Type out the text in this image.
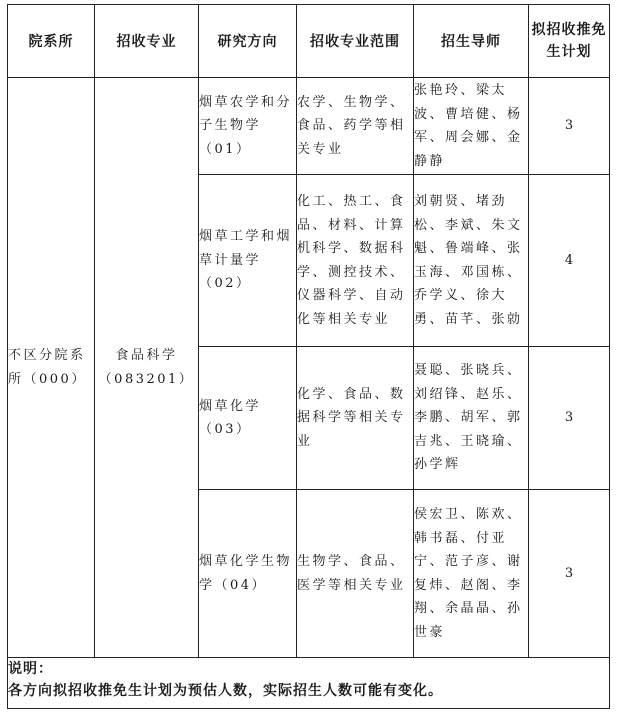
院系所	招收专业	研究方向	招收专业范围	招生导师	拟招收推免生计划
不区分院系所（000）	食品科学（083201）	烟草农学和分子生物学（01）	农学、生物学、食品、药学等相关专业	张艳玲、梁太波、曹培健、杨军、周会娜、金静静	3
		烟草工学和烟草计量学（02）	化工、热工、食品、材料、计算机科学、数据科学、测控技术、仪器科学、自动化等相关专业	刘朝贤、堵劲松、李斌、朱文魁、鲁端峰、张玉海、邓国栋、乔学义、徐大勇、苗芊、张勍	4
		烟草化学（03）	化学、食品、数据科学等相关专业	聂聪、张晓兵、刘绍锋、赵乐、李鹏、胡军、郭吉兆、王晓瑜、孙学辉	3
		烟草化学生物学（04）	生物学、食品、医学等相关专业	侯宏卫、陈欢、韩书磊、付亚宁、范子彦、谢复炜、赵阁、李翔、余晶晶、孙世豪	3

说明：
各方向拟招收推免生计划为预估人数，实际招生人数可能有变化。					
